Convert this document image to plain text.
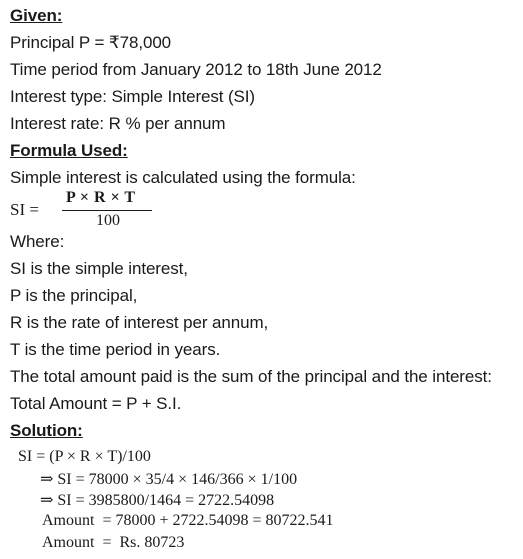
Given:
Principal P = ₹78,000
Time period from January 2012 to 18th June 2012
Interest type: Simple Interest (SI)
Interest rate: R % per annum
Formula Used:
Simple interest is calculated using the formula:
SI =
P × R × T
100
Where:
SI is the simple interest,
P is the principal,
R is the rate of interest per annum,
T is the time period in years.
The total amount paid is the sum of the principal and the interest:
Total Amount = P + S.I.
Solution:
SI = (P × R × T)/100
⇒ SI = 78000 × 35/4 × 146/366 × 1/100
⇒ SI = 3985800/1464 = 2722.54098
Amount  = 78000 + 2722.54098 = 80722.541
Amount  =  Rs. 80723
